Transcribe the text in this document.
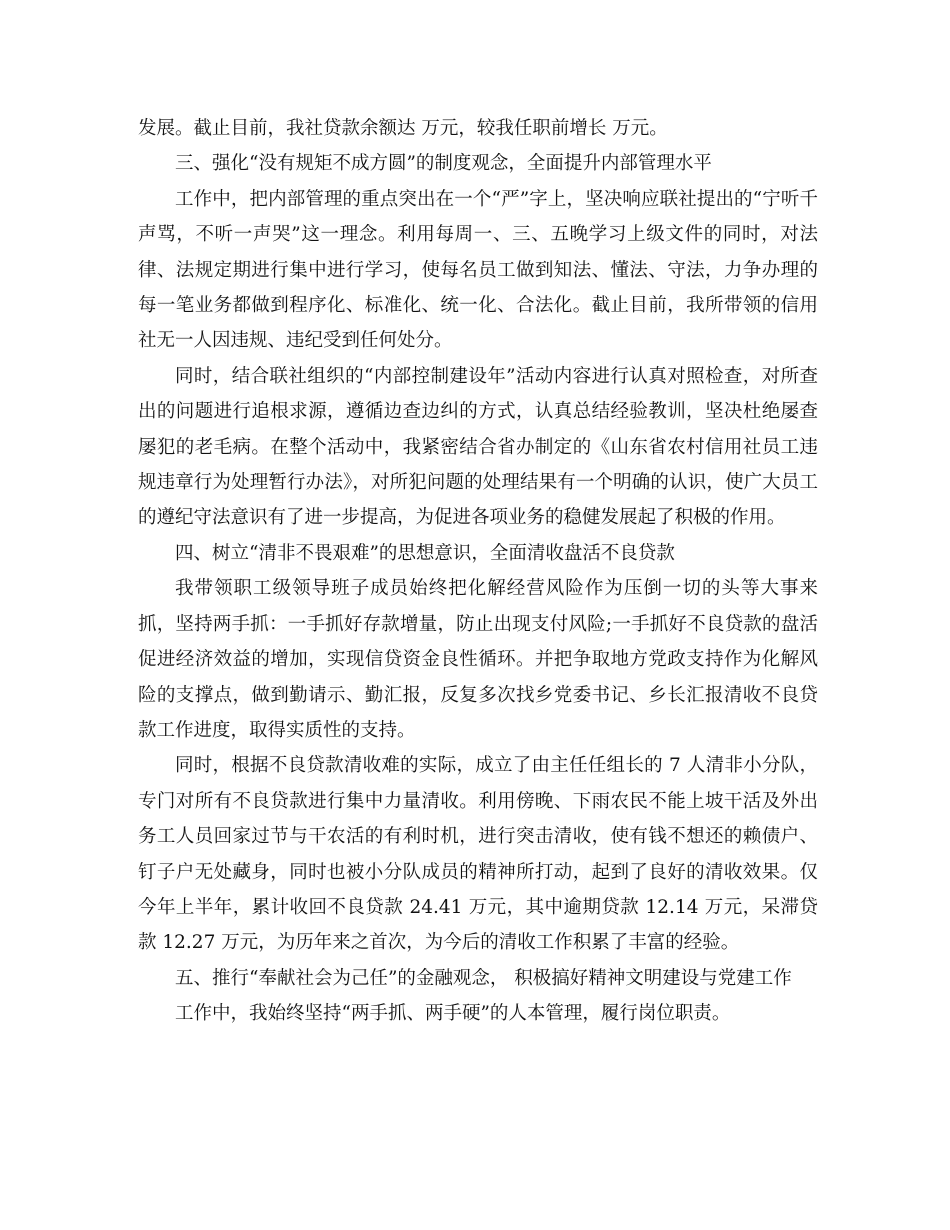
发展。截止目前，我社贷款余额达 万元，较我任职前增长 万元。

三、强化“没有规矩不成方圆”的制度观念，全面提升内部管理水平

工作中，把内部管理的重点突出在一个“严”字上，坚决响应联社提出的“宁听千声骂，不听一声哭”这一理念。利用每周一、三、五晚学习上级文件的同时，对法律、法规定期进行集中进行学习，使每名员工做到知法、懂法、守法，力争办理的每一笔业务都做到程序化、标准化、统一化、合法化。截止目前，我所带领的信用社无一人因违规、违纪受到任何处分。

同时，结合联社组织的“内部控制建设年”活动内容进行认真对照检查，对所查出的问题进行追根求源，遵循边查边纠的方式，认真总结经验教训，坚决杜绝屡查屡犯的老毛病。在整个活动中，我紧密结合省办制定的《山东省农村信用社员工违规违章行为处理暂行办法》，对所犯问题的处理结果有一个明确的认识，使广大员工的遵纪守法意识有了进一步提高，为促进各项业务的稳健发展起了积极的作用。

四、树立“清非不畏艰难”的思想意识，全面清收盘活不良贷款

我带领职工级领导班子成员始终把化解经营风险作为压倒一切的头等大事来抓，坚持两手抓：一手抓好存款增量，防止出现支付风险;一手抓好不良贷款的盘活促进经济效益的增加，实现信贷资金良性循环。并把争取地方党政支持作为化解风险的支撑点，做到勤请示、勤汇报，反复多次找乡党委书记、乡长汇报清收不良贷款工作进度，取得实质性的支持。

同时，根据不良贷款清收难的实际，成立了由主任任组长的 7 人清非小分队，专门对所有不良贷款进行集中力量清收。利用傍晚、下雨农民不能上坡干活及外出务工人员回家过节与干农活的有利时机，进行突击清收，使有钱不想还的赖债户、钉子户无处藏身，同时也被小分队成员的精神所打动，起到了良好的清收效果。仅今年上半年，累计收回不良贷款 24.41 万元，其中逾期贷款 12.14 万元，呆滞贷款 12.27 万元，为历年来之首次，为今后的清收工作积累了丰富的经验。

五、推行“奉献社会为己任”的金融观念， 积极搞好精神文明建设与党建工作

工作中，我始终坚持“两手抓、两手硬”的人本管理，履行岗位职责。
